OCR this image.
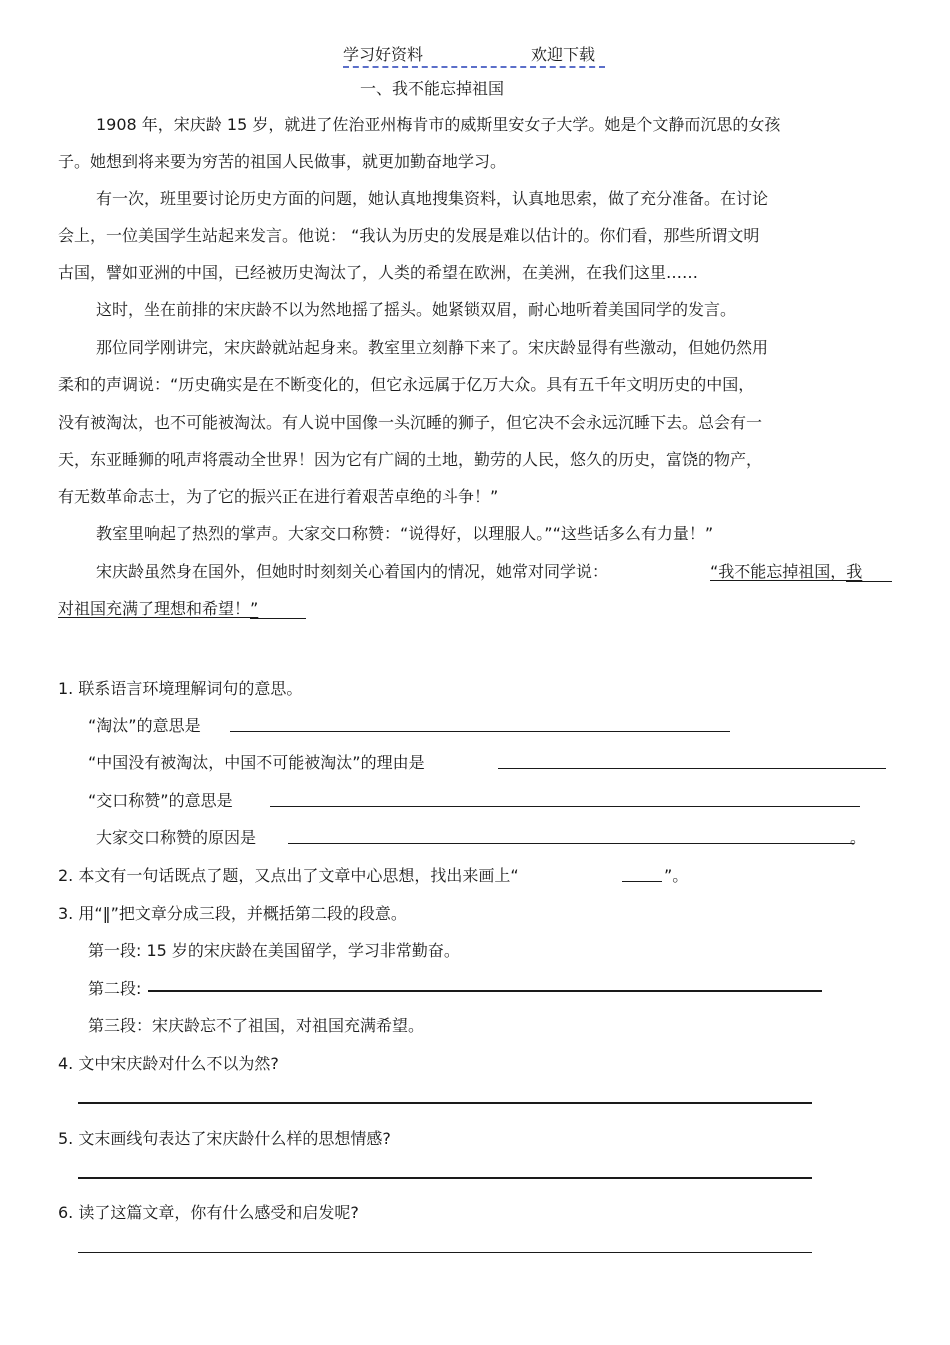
学习好资料	欢迎下载
一、我不能忘掉祖国
1908 年，宋庆龄 15 岁，就进了佐治亚州梅肯市的威斯里安女子大学。她是个文静而沉思的女孩
子。她想到将来要为穷苦的祖国人民做事，就更加勤奋地学习。
有一次，班里要讨论历史方面的问题，她认真地搜集资料，认真地思索，做了充分准备。在讨论
会上，一位美国学生站起来发言。他说： “我认为历史的发展是难以估计的。你们看，那些所谓文明
古国，譬如亚洲的中国，已经被历史淘汰了，人类的希望在欧洲，在美洲，在我们这里……
这时，坐在前排的宋庆龄不以为然地摇了摇头。她紧锁双眉，耐心地听着美国同学的发言。
那位同学刚讲完，宋庆龄就站起身来。教室里立刻静下来了。宋庆龄显得有些激动，但她仍然用
柔和的声调说：“历史确实是在不断变化的，但它永远属于亿万大众。具有五千年文明历史的中国，
没有被淘汰，也不可能被淘汰。有人说中国像一头沉睡的狮子，但它决不会永远沉睡下去。总会有一
天，东亚睡狮的吼声将震动全世界！因为它有广阔的土地，勤劳的人民，悠久的历史，富饶的物产，
有无数革命志士，为了它的振兴正在进行着艰苦卓绝的斗争！”
教室里响起了热烈的掌声。大家交口称赞：“说得好，以理服人。”“这些话多么有力量！”
宋庆龄虽然身在国外，但她时时刻刻关心着国内的情况，她常对同学说：	“我不能忘掉祖国，我
对祖国充满了理想和希望！”
1. 联系语言环境理解词句的意思。
“淘汰”的意思是
“中国没有被淘汰，中国不可能被淘汰”的理由是
“交口称赞”的意思是
大家交口称赞的原因是	。
2. 本文有一句话既点了题，又点出了文章中心思想，找出来画上“	”。
3. 用“‖”把文章分成三段，并概括第二段的段意。
第一段: 15 岁的宋庆龄在美国留学，学习非常勤奋。
第二段:
第三段：宋庆龄忘不了祖国，对祖国充满希望。
4. 文中宋庆龄对什么不以为然?
5. 文末画线句表达了宋庆龄什么样的思想情感?
6. 读了这篇文章，你有什么感受和启发呢?
